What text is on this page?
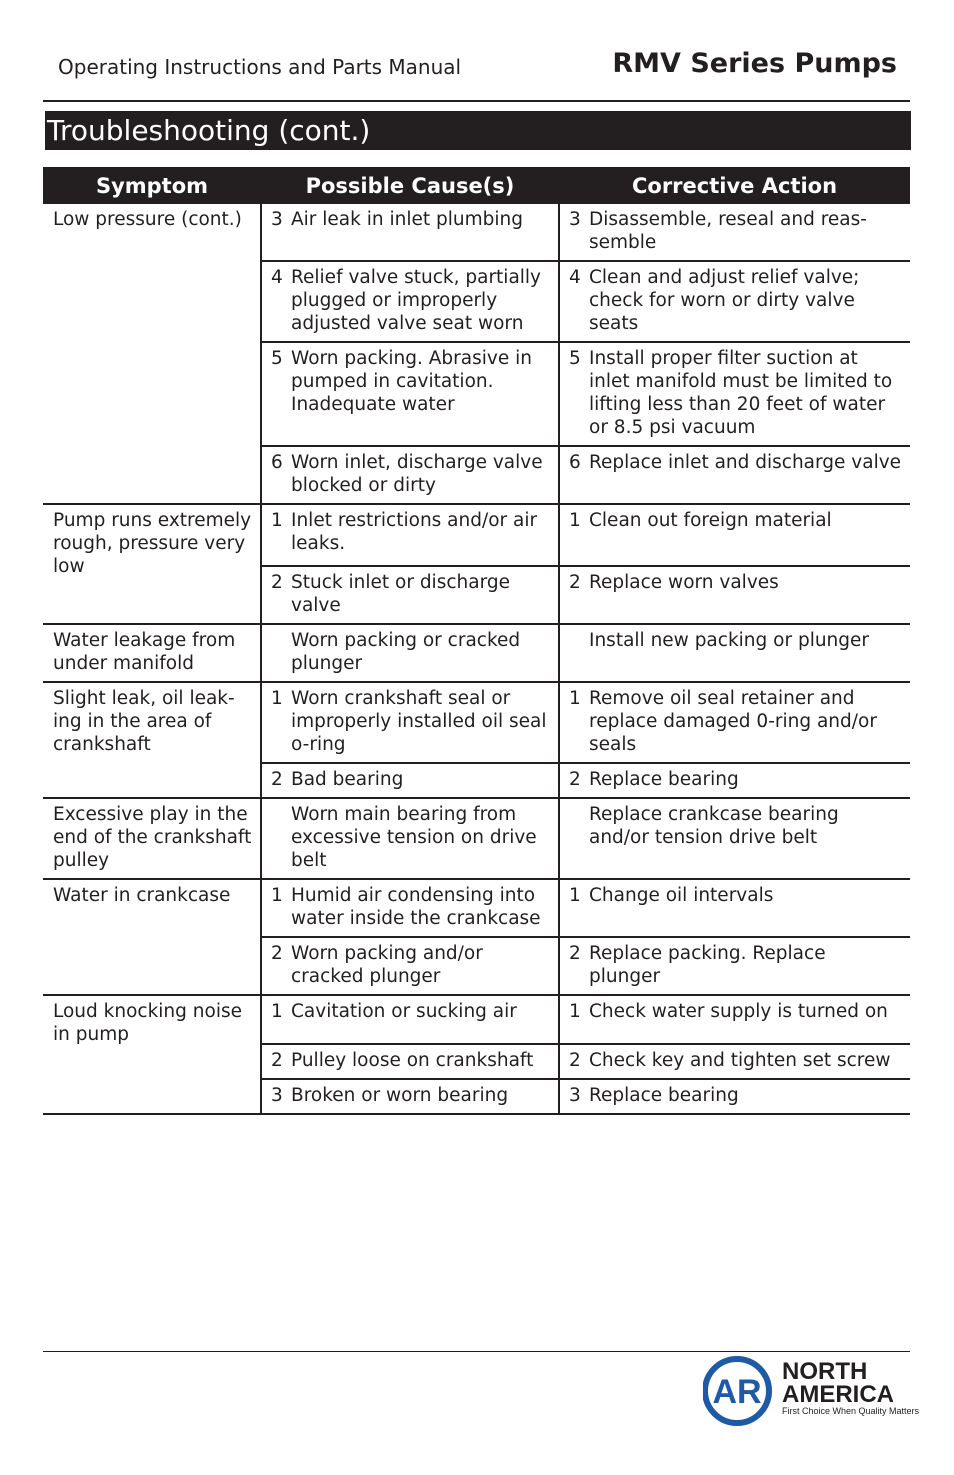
Operating Instructions and Parts Manual	RMV Series Pumps
Troubleshooting (cont.)
Symptom	Possible Cause(s)		Corrective Action	
Low pressure (cont.)	3	Air leak in inlet plumbing	3	Disassemble, reseal and reas-semble
	4	Relief valve stuck, partially plugged or improperly adjusted valve seat worn	4	Clean and adjust relief valve; check for worn or dirty valve seats
	5	Worn packing. Abrasive in pumped in cavitation. Inadequate water	5	Install proper filter suction at inlet manifold must be limited to lifting less than 20 feet of water or 8.5 psi vacuum
	6	Worn inlet, discharge valve blocked or dirty	6	Replace inlet and discharge valve
Pump runs extremely rough, pressure very low	1	Inlet restrictions and/or air leaks.	1	Clean out foreign material
	2	Stuck inlet or discharge valve	2	Replace worn valves
Water leakage from under manifold		Worn packing or cracked plunger		Install new packing or plunger
Slight leak, oil leak-ing in the area of crankshaft	1	Worn crankshaft seal or improperly installed oil seal o-ring	1	Remove oil seal retainer and replace damaged 0-ring and/or seals
	2	Bad bearing	2	Replace bearing
Excessive play in the end of the crankshaft pulley		Worn main bearing from excessive tension on drive belt		Replace crankcase bearing and/or tension drive belt
Water in crankcase	1	Humid air condensing into water inside the crankcase	1	Change oil intervals
	2	Worn packing and/or cracked plunger	2	Replace packing. Replace plunger
Loud knocking noise in pump	1	Cavitation or sucking air	1	Check water supply is turned on
	2	Pulley loose on crankshaft	2	Check key and tighten set screw
	3	Broken or worn bearing	3	Replace bearing
AR
NORTH
AMERICA
First Choice When Quality Matters
